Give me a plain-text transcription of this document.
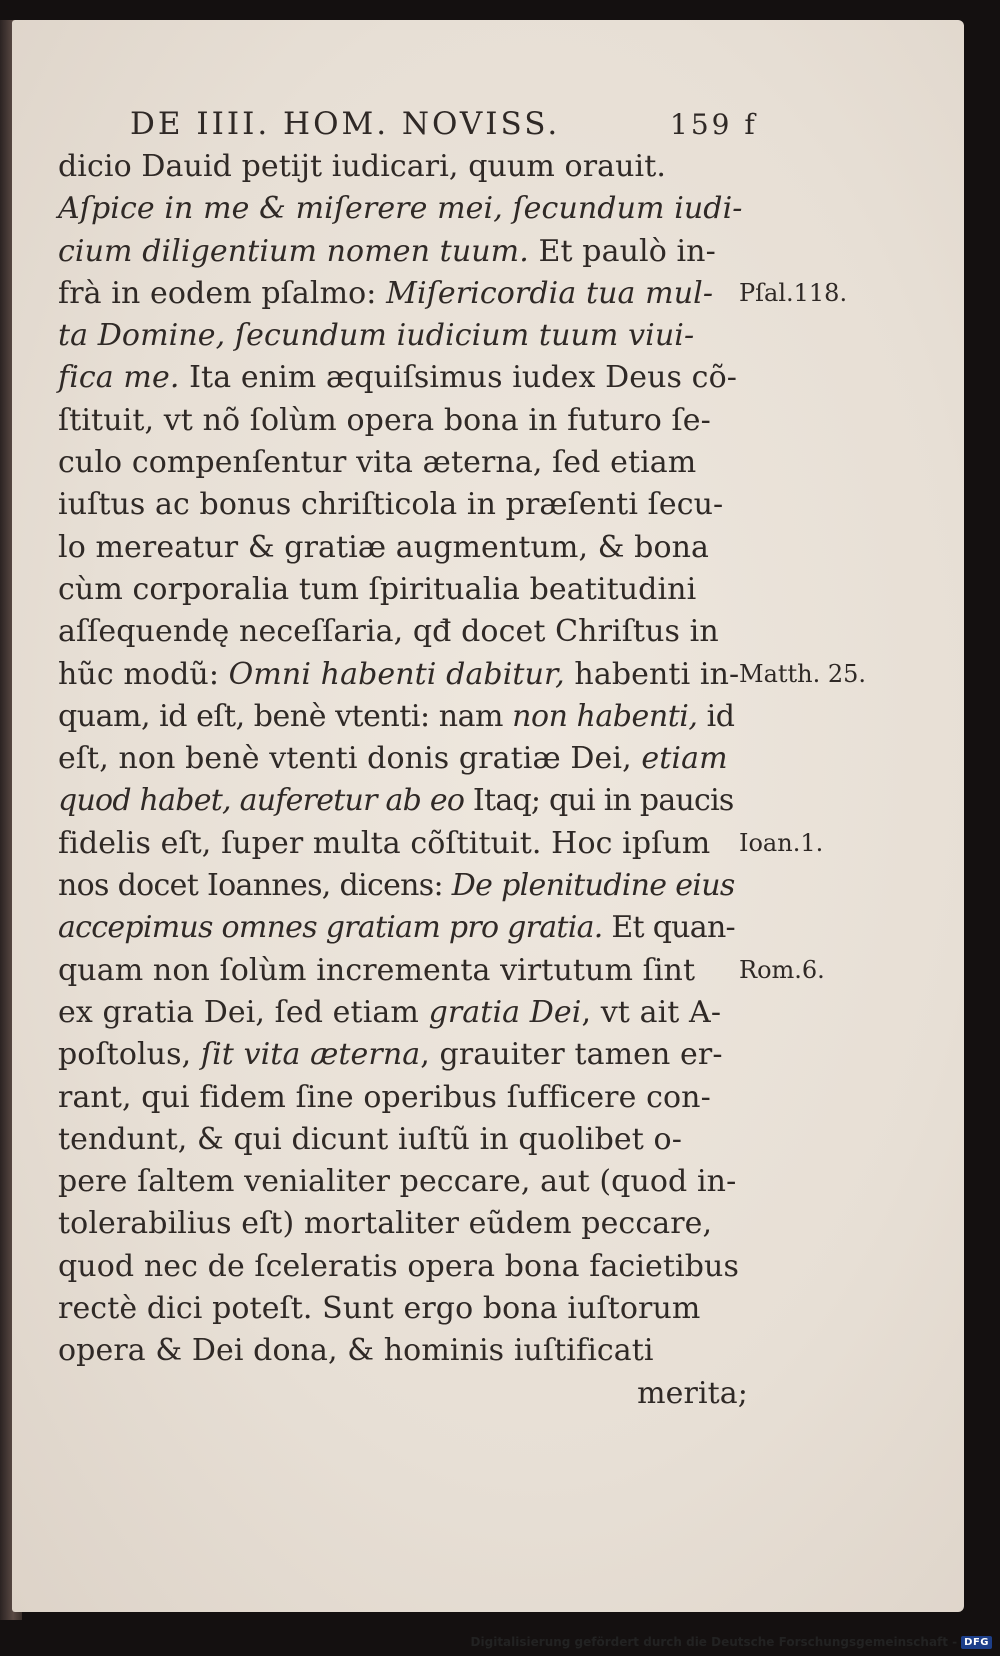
DE IIII. HOM. NOVISS.	159 f
dicio Dauid petijt iudicari, quum orauit.
Aſpice in me & miſerere mei, ſecundum iudi-
cium diligentium nomen tuum. Et paulò in-
frà in eodem pſalmo: Miſericordia tua mul-
ta Domine, ſecundum iudicium tuum viui-
fica me. Ita enim æquiſsimus iudex Deus cõ-
ſtituit, vt nõ ſolùm opera bona in futuro ſe-
culo compenſentur vita æterna, ſed etiam
iuſtus ac bonus chriſticola in præſenti ſecu-
lo mereatur & gratiæ augmentum, & bona
cùm corporalia tum ſpiritualia beatitudini
aſſequendę neceſſaria, qđ docet Chriſtus in
hũc modũ: Omni habenti dabitur, habenti in-
quam, id eſt, benè vtenti: nam non habenti, id
eſt, non benè vtenti donis gratiæ Dei, etiam
quod habet, auferetur ab eo Itaq; qui in paucis
fidelis eſt, ſuper multa cõſtituit. Hoc ipſum
nos docet Ioannes, dicens: De plenitudine eius
accepimus omnes gratiam pro gratia. Et quan-
quam non ſolùm incrementa virtutum ſint
ex gratia Dei, ſed etiam gratia Dei, vt ait A-
poſtolus, ſit vita æterna, grauiter tamen er-
rant, qui fidem ſine operibus ſufficere con-
tendunt, & qui dicunt iuſtũ in quolibet o-
pere ſaltem venialiter peccare, aut (quod in-
tolerabilius eſt) mortaliter eũdem peccare,
quod nec de ſceleratis opera bona facietibus
rectè dici poteſt. Sunt ergo bona iuſtorum
opera & Dei dona, & hominis iuſtificati
merita;
Pſal.118.
Matth. 25.
Ioan.1.
Rom.6.
Digitalisierung gefördert durch die Deutsche Forschungsgemeinschaft - DFG
